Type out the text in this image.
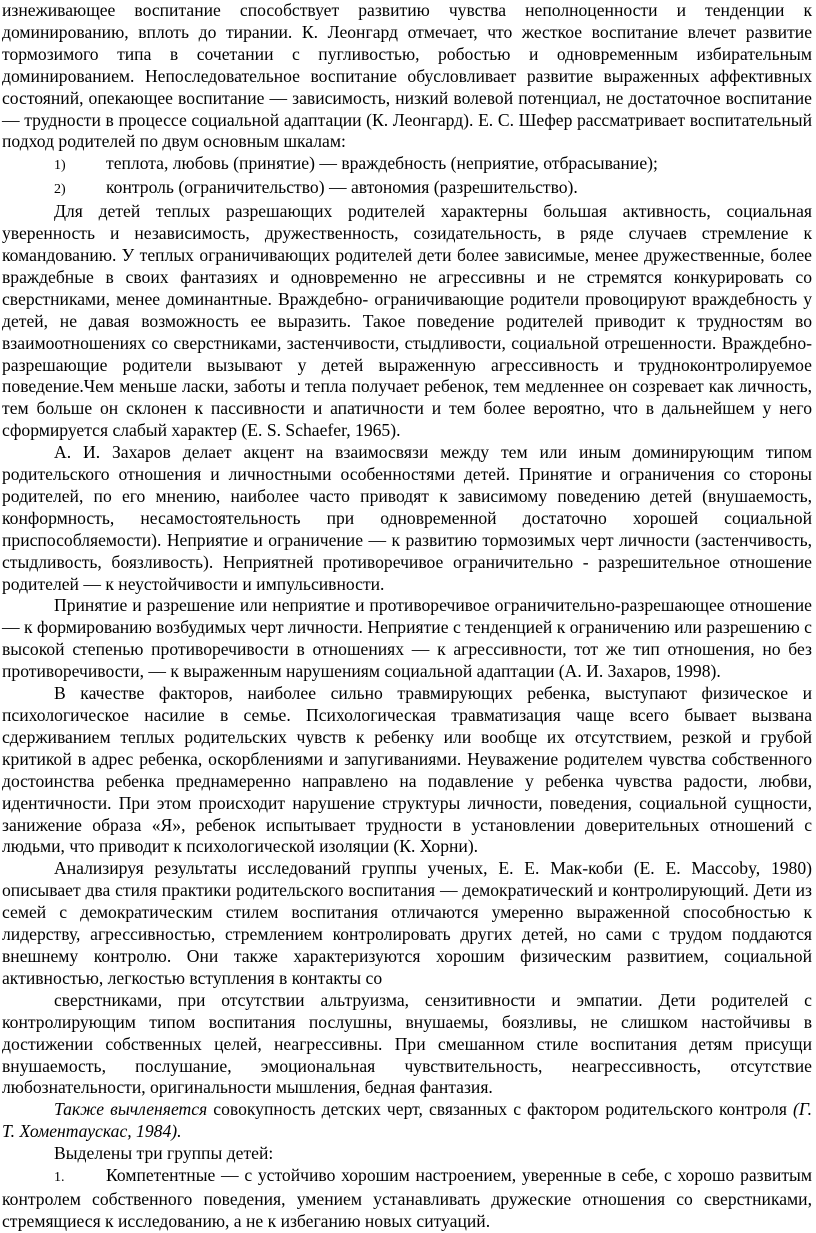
изнеживающее воспитание способствует развитию чувства неполноценности и тенденции к доминированию, вплоть до тирании. К. Леонгард отмечает, что жесткое воспитание влечет развитие тормозимого типа в сочетании с пугливостью, робостью и одновременным избирательным доминированием. Непоследовательное воспитание обусловливает развитие выраженных аффективных состояний, опекающее воспитание — зависимость, низкий волевой потенциал, не достаточное воспитание — трудности в процессе социальной адаптации (К. Леонгард). Е. С. Шефер рассматривает воспитательный подход родителей по двум основным шкалам:

1)	теплота, любовь (принятие) — враждебность (неприятие, отбрасывание);
2)	контроль (ограничительство) — автономия (разрешительство).

Для детей теплых разрешающих родителей характерны большая активность, социальная уверенность и независимость, дружественность, созидательность, в ряде случаев стремление к командованию. У теплых ограничивающих родителей дети более зависимые, менее дружественные, более враждебные в своих фантазиях и одновременно не агрессивны и не стремятся конкурировать со сверстниками, менее доминантные. Враждебно- ограничивающие родители провоцируют враждебность у детей, не давая возможность ее выразить. Такое поведение родителей приводит к трудностям во взаимоотношениях со сверстниками, застенчивости, стыдливости, социальной отрешенности. Враждебно-разрешающие родители вызывают у детей выраженную агрессивность и трудноконтролируемое поведение.Чем меньше ласки, заботы и тепла получает ребенок, тем медленнее он созревает как личность, тем больше он склонен к пассивности и апатичности и тем более вероятно, что в дальнейшем у него сформируется слабый характер (E. S. Schaefer, 1965).

А. И. Захаров делает акцент на взаимосвязи между тем или иным доминирующим типом родительского отношения и личностными особенностями детей. Принятие и ограничения со стороны родителей, по его мнению, наиболее часто приводят к зависимому поведению детей (внушаемость, конформность, несамостоятельность при одновременной достаточно хорошей социальной приспособляемости). Неприятие и ограничение — к развитию тормозимых черт личности (застенчивость, стыдливость, боязливость). Неприятней противоречивое ограничительно - разрешительное отношение родителей — к неустойчивости и импульсивности.

Принятие и разрешение или неприятие и противоречивое ограничительно-разрешающее отношение — к формированию возбудимых черт личности. Неприятие с тенденцией к ограничению или разрешению с высокой степенью противоречивости в отношениях — к агрессивности, тот же тип отношения, но без противоречивости, — к выраженным нарушениям социальной адаптации (А. И. Захаров, 1998).

В качестве факторов, наиболее сильно травмирующих ребенка, выступают физическое и психологическое насилие в семье. Психологическая травматизация чаще всего бывает вызвана сдерживанием теплых родительских чувств к ребенку или вообще их отсутствием, резкой и грубой критикой в адрес ребенка, оскорблениями и запугиваниями. Неуважение родителем чувства собственного достоинства ребенка преднамеренно направлено на подавление у ребенка чувства радости, любви, идентичности. При этом происходит нарушение структуры личности, поведения, социальной сущности, занижение образа «Я», ребенок испытывает трудности в установлении доверительных отношений с людьми, что приводит к психологической изоляции (К. Хорни).

Анализируя результаты исследований группы ученых, Е. Е. Мак-коби (Е. Е. Maccoby, 1980) описывает два стиля практики родительского воспитания — демократический и контролирующий. Дети из семей с демократическим стилем воспитания отличаются умеренно выраженной способностью к лидерству, агрессивностью, стремлением контролировать других детей, но сами с трудом поддаются внешнему контролю. Они также характеризуются хорошим физическим развитием, социальной активностью, легкостью вступления в контакты со

сверстниками, при отсутствии альтруизма, сензитивности и эмпатии. Дети родителей с контролирующим типом воспитания послушны, внушаемы, боязливы, не слишком настойчивы в достижении собственных целей, неагрессивны. При смешанном стиле воспитания детям присущи внушаемость, послушание, эмоциональная чувствительность, неагрессивность, отсутствие любознательности, оригинальности мышления, бедная фантазия.

Также вычленяется совокупность детских черт, связанных с фактором родительского контроля (Г. Т. Хоментаускас, 1984).

Выделены три группы детей:

1. Компетентные — с устойчиво хорошим настроением, уверенные в себе, с хорошо развитым контролем собственного поведения, умением устанавливать дружеские отношения со сверстниками, стремящиеся к исследованию, а не к избеганию новых ситуаций.
